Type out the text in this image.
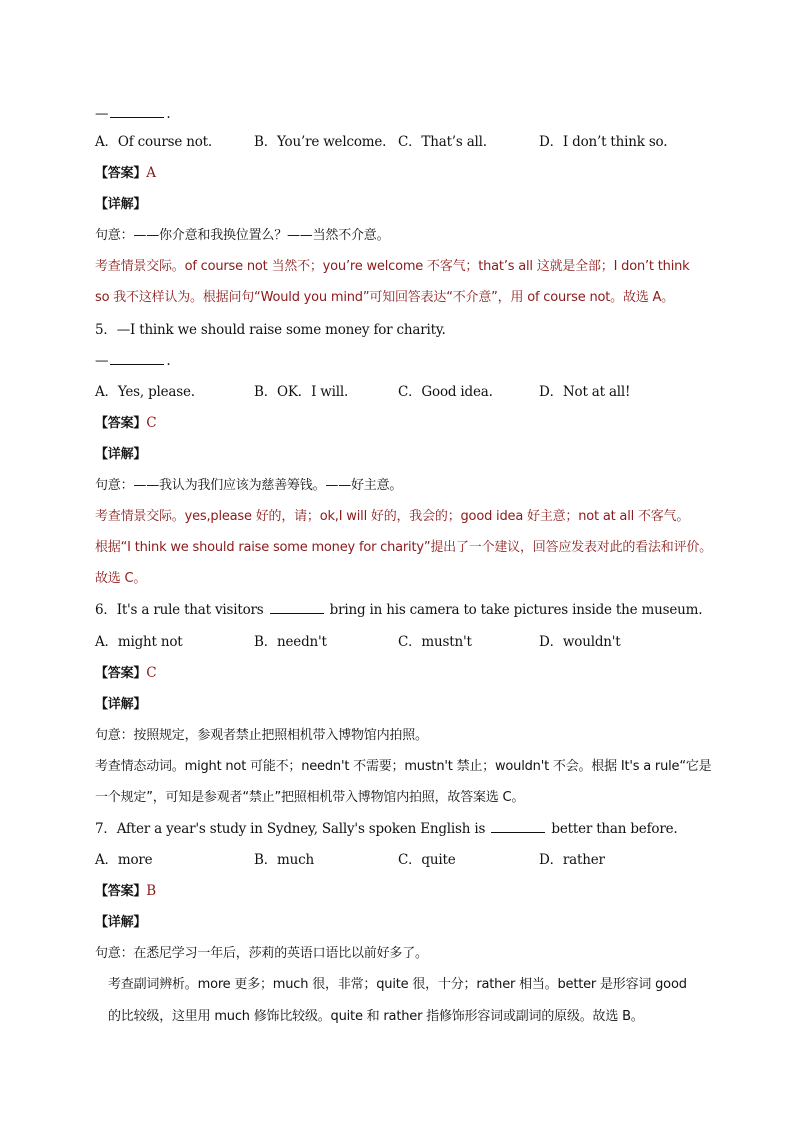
—	.
A．Of course not.	B．You’re welcome. C．That’s all.	D．I don’t think so.
【答案】A
【详解】
句意：——你介意和我换位置么？——当然不介意。
考查情景交际。of course not 当然不；you’re welcome 不客气；that’s all 这就是全部；I don’t think
so 我不这样认为。根据问句“Would you mind”可知回答表达“不介意”，用 of course not。故选 A。
5．—I think we should raise some money for charity.
—	.
A．Yes, please.	B．OK．I will.	C．Good idea.	D．Not at all!
【答案】C
【详解】
句意：——我认为我们应该为慈善筹钱。——好主意。
考查情景交际。yes,please 好的，请；ok,I will 好的，我会的；good idea 好主意；not at all 不客气。
根据“I think we should raise some money for charity”提出了一个建议，回答应发表对此的看法和评价。
故选 C。
6．It's a rule that visitors	bring in his camera to take pictures inside the museum.
A．might not	B．needn't	C．mustn't	D．wouldn't
【答案】C
【详解】
句意：按照规定，参观者禁止把照相机带入博物馆内拍照。
考查情态动词。might not 可能不；needn't 不需要；mustn't 禁止；wouldn't 不会。根据 It's a rule“它是
一个规定”，可知是参观者“禁止”把照相机带入博物馆内拍照，故答案选 C。
7．After a year's study in Sydney, Sally's spoken English is	better than before.
A．more	B．much	C．quite	D．rather
【答案】B
【详解】
句意：在悉尼学习一年后，莎莉的英语口语比以前好多了。
考查副词辨析。more 更多；much 很，非常；quite 很，十分；rather 相当。better 是形容词 good
的比较级，这里用 much 修饰比较级。quite 和 rather 指修饰形容词或副词的原级。故选 B。
